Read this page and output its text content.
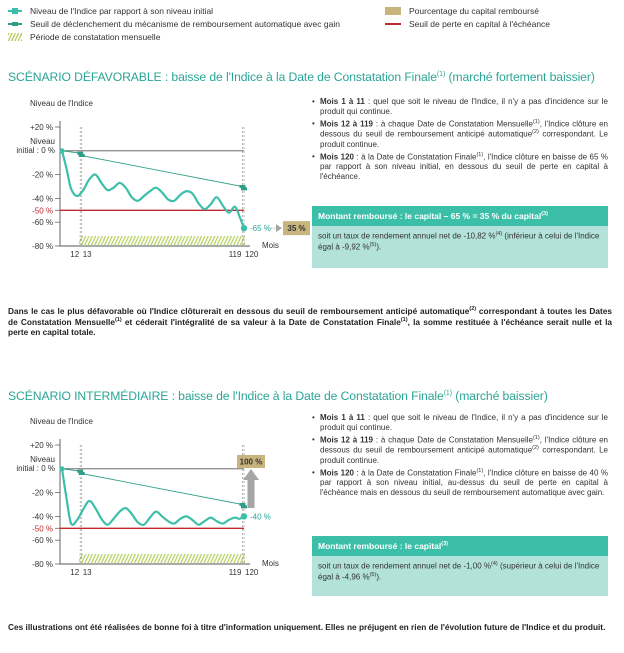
Niveau de l'Indice par rapport à son niveau initial
Seuil de déclenchement du mécanisme de remboursement automatique avec gain
Période de constatation mensuelle
Pourcentage du capital remboursé
Seuil de perte en capital à l'échéance
SCÉNARIO DÉFAVORABLE : baisse de l'Indice à la Date de Constatation Finale$^{(1)}$ (marché fortement baissier)
Niveau de l'Indice
Niveau
initial : 0 %
+20 %
-20 %
-40 %
-50 %
-60 %
-80 %
12 13	119 120
Mois
-65 % 35 %
• Mois 1 à 11 : quel que soit le niveau de l'Indice, il n'y a pas d'incidence sur le produit qui continue.
• Mois 12 à 119 : à chaque Date de Constatation Mensuelle$^{(1)}$, l'Indice clôture en dessous du seuil de remboursement anticipé automatique$^{(2)}$ correspondant. Le produit continue.
• Mois 120 : à la Date de Constatation Finale$^{(1)}$, l'Indice clôture en baisse de 65 % par rapport à son niveau initial, en dessous du seuil de perte en capital à l'échéance.
Montant remboursé : le capital – 65 % = 35 % du capital$^{(3)}$
soit un taux de rendement annuel net de -10,82 %$^{(4)}$ (inférieur à celui de l'Indice égal à -9,92 %$^{(5)}$).
Dans le cas le plus défavorable où l'Indice clôturerait en dessous du seuil de remboursement anticipé automatique$^{(2)}$ correspondant à toutes les Dates de Constatation Mensuelle$^{(1)}$ et céderait l'intégralité de sa valeur à la Date de Constatation Finale$^{(1)}$, la somme restituée à l'échéance serait nulle et la perte en capital totale.
SCÉNARIO INTERMÉDIAIRE : baisse de l'Indice à la Date de Constatation Finale$^{(1)}$ (marché baissier)
Niveau de l'Indice
Niveau
initial : 0 %
+20 %
-20 %
-40 %
-50 %
-60 %
-80 %
12 13	119 120
Mois
-40 %
100 %
• Mois 1 à 11 : quel que soit le niveau de l'Indice, il n'y a pas d'incidence sur le produit qui continue.
• Mois 12 à 119 : à chaque Date de Constatation Mensuelle$^{(1)}$, l'Indice clôture en dessous du seuil de remboursement anticipé automatique$^{(2)}$ correspondant. Le produit continue.
• Mois 120 : à la Date de Constatation Finale$^{(1)}$, l'Indice clôture en baisse de 40 % par rapport à son niveau initial, au-dessus du seuil de perte en capital à l'échéance mais en dessous du seuil de remboursement automatique avec gain.
Montant remboursé : le capital$^{(3)}$
soit un taux de rendement annuel net de -1,00 %$^{(4)}$ (supérieur à celui de l'Indice égal à -4,96 %$^{(5)}$).
Ces illustrations ont été réalisées de bonne foi à titre d'information uniquement. Elles ne préjugent en rien de l'évolution future de l'Indice et du produit.
